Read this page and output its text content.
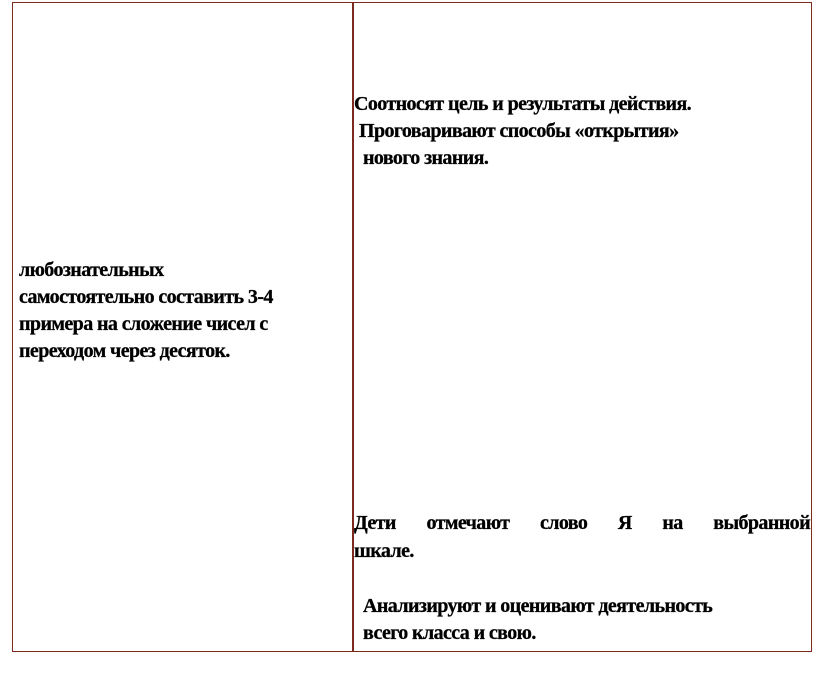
любознательных
самостоятельно составить 3-4
примера на сложение чисел с
переходом через десяток.
Соотносят цель и результаты действия.
Проговаривают способы «открытия»
нового знания.
Дети отмечают слово Я на выбранной
шкале.
Анализируют и оценивают деятельность
всего класса и свою.
